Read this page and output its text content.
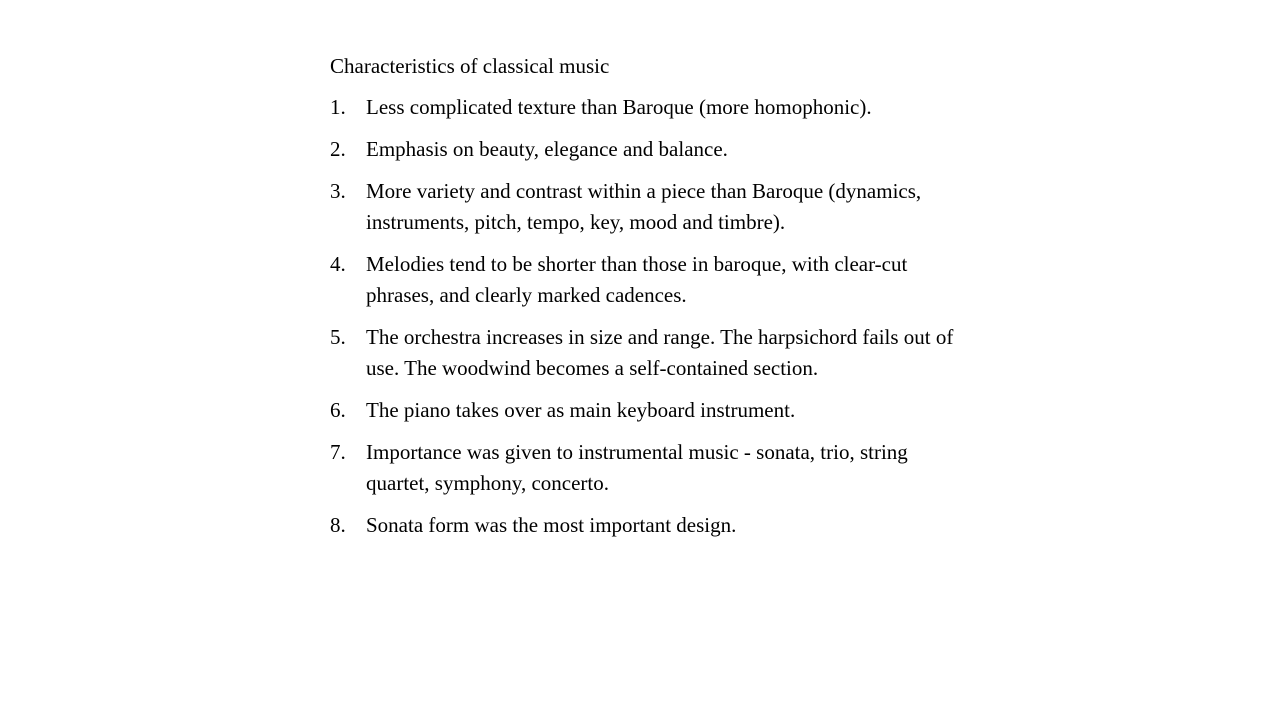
Characteristics of classical music
1. Less complicated texture than Baroque (more homophonic).
2. Emphasis on beauty, elegance and balance.
3. More variety and contrast within a piece than Baroque (dynamics, instruments, pitch, tempo, key, mood and timbre).
4. Melodies tend to be shorter than those in baroque, with clear-cut phrases, and clearly marked cadences.
5. The orchestra increases in size and range. The harpsichord fails out of use. The woodwind becomes a self-contained section.
6. The piano takes over as main keyboard instrument.
7. Importance was given to instrumental music - sonata, trio, string quartet, symphony, concerto.
8. Sonata form was the most important design.
